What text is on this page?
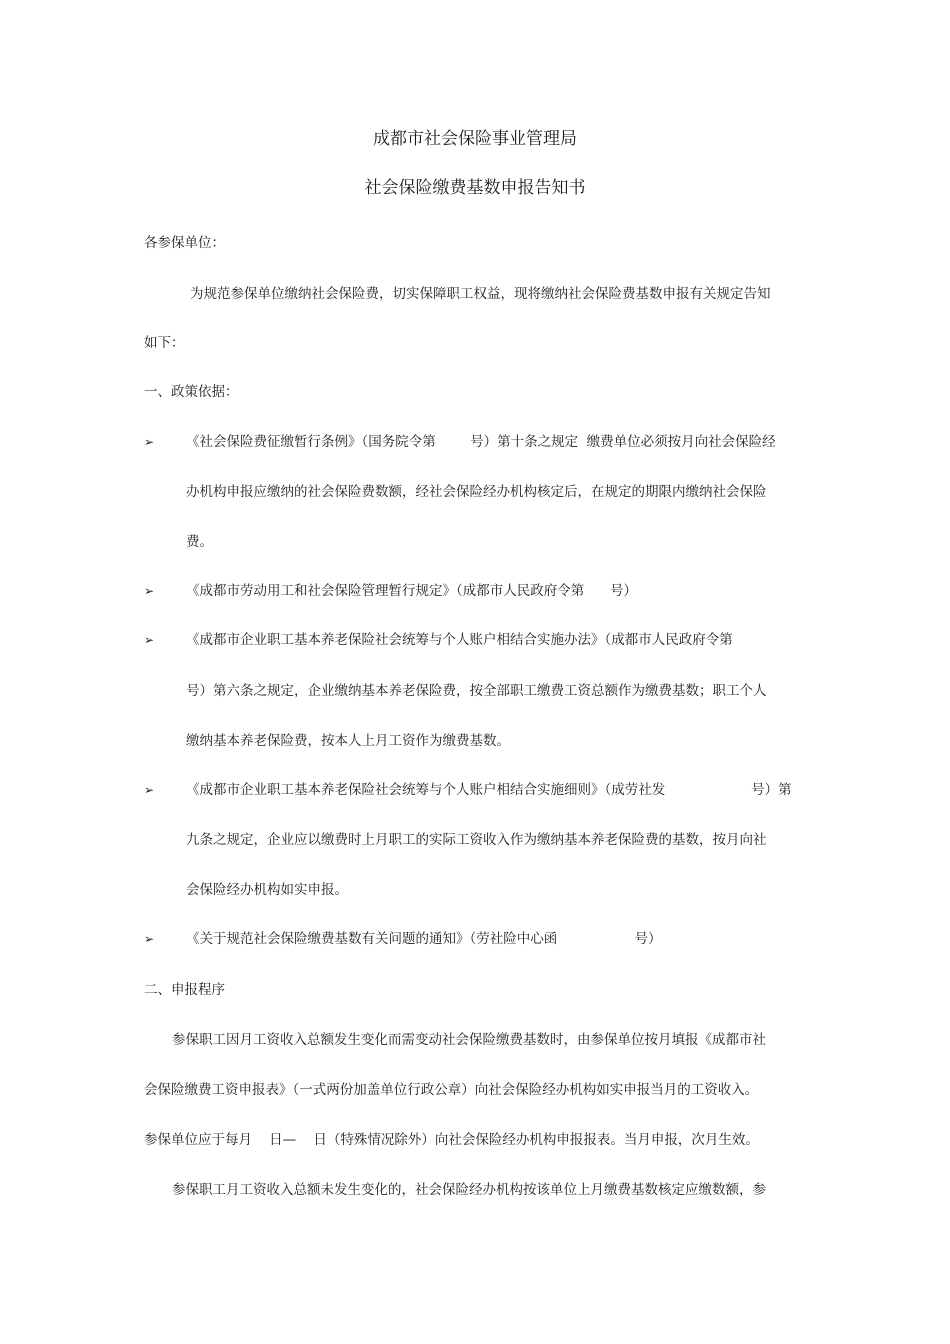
成都市社会保险事业管理局
社会保险缴费基数申报告知书

各参保单位：

为规范参保单位缴纳社会保险费，切实保障职工权益，现将缴纳社会保险费基数申报有关规定告知

如下：

一、政策依据：

➢ 《社会保险费征缴暂行条例》（国务院令第        号）第十条之规定  缴费单位必须按月向社会保险经

办机构申报应缴纳的社会保险费数额，经社会保险经办机构核定后，在规定的期限内缴纳社会保险

费。

➢ 《成都市劳动用工和社会保险管理暂行规定》（成都市人民政府令第      号）

➢ 《成都市企业职工基本养老保险社会统筹与个人账户相结合实施办法》（成都市人民政府令第

号）第六条之规定，企业缴纳基本养老保险费，按全部职工缴费工资总额作为缴费基数；职工个人

缴纳基本养老保险费，按本人上月工资作为缴费基数。

➢ 《成都市企业职工基本养老保险社会统筹与个人账户相结合实施细则》（成劳社发                    号）第

九条之规定，企业应以缴费时上月职工的实际工资收入作为缴纳基本养老保险费的基数，按月向社

会保险经办机构如实申报。

➢ 《关于规范社会保险缴费基数有关问题的通知》（劳社险中心函                  号）

二、申报程序

参保职工因月工资收入总额发生变化而需变动社会保险缴费基数时，由参保单位按月填报《成都市社

会保险缴费工资申报表》（一式两份加盖单位行政公章）向社会保险经办机构如实申报当月的工资收入。

参保单位应于每月    日—    日（特殊情况除外）向社会保险经办机构申报报表。当月申报，次月生效。

参保职工月工资收入总额未发生变化的，社会保险经办机构按该单位上月缴费基数核定应缴数额，参
